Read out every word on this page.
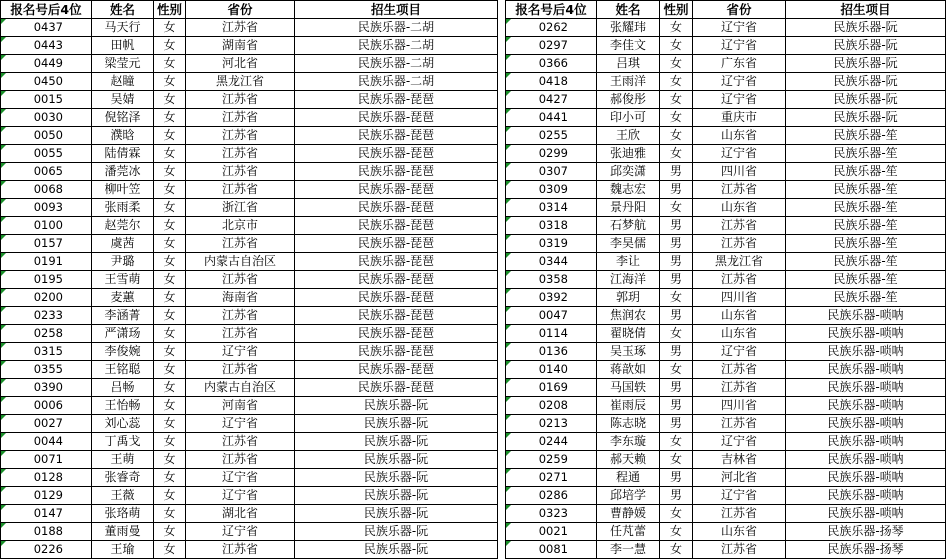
报名号后4位	姓名	性别	省份	招生项目
0437	马天行	女	江苏省	民族乐器-二胡
0443	田帆	女	湖南省	民族乐器-二胡
0449	梁莹元	女	河北省	民族乐器-二胡
0450	赵瞳	女	黑龙江省	民族乐器-二胡
0015	吴婧	女	江苏省	民族乐器-琵琶
0030	倪铭泽	女	江苏省	民族乐器-琵琶
0050	濮晗	女	江苏省	民族乐器-琵琶
0055	陆倩霖	女	江苏省	民族乐器-琵琶
0065	潘莞冰	女	江苏省	民族乐器-琵琶
0068	柳叶笠	女	江苏省	民族乐器-琵琶
0093	张雨柔	女	浙江省	民族乐器-琵琶
0100	赵莞尔	女	北京市	民族乐器-琵琶
0157	虞茜	女	江苏省	民族乐器-琵琶
0191	尹璐	女	内蒙古自治区	民族乐器-琵琶
0195	王雪萌	女	江苏省	民族乐器-琵琶
0200	麦蕙	女	海南省	民族乐器-琵琶
0233	李涵菁	女	江苏省	民族乐器-琵琶
0258	严潇玚	女	江苏省	民族乐器-琵琶
0315	李俊婉	女	辽宁省	民族乐器-琵琶
0355	王铭聪	女	江苏省	民族乐器-琵琶
0390	吕畅	女	内蒙古自治区	民族乐器-琵琶
0006	王怡畅	女	河南省	民族乐器-阮
0027	刘心蕊	女	辽宁省	民族乐器-阮
0044	丁禹戈	女	江苏省	民族乐器-阮
0071	王萌	女	江苏省	民族乐器-阮
0128	张睿奇	女	辽宁省	民族乐器-阮
0129	王薇	女	辽宁省	民族乐器-阮
0147	张珞萌	女	湖北省	民族乐器-阮
0188	董雨曼	女	辽宁省	民族乐器-阮
0226	王瑜	女	江苏省	民族乐器-阮
报名号后4位	姓名	性别	省份	招生项目
0262	张耀玮	女	辽宁省	民族乐器-阮
0297	李佳文	女	辽宁省	民族乐器-阮
0366	吕琪	女	广东省	民族乐器-阮
0418	王雨洋	女	辽宁省	民族乐器-阮
0427	郝俊彤	女	辽宁省	民族乐器-阮
0441	印小可	女	重庆市	民族乐器-阮
0255	王欣	女	山东省	民族乐器-笙
0299	张迪雅	女	辽宁省	民族乐器-笙
0307	邱奕潇	男	四川省	民族乐器-笙
0309	魏志宏	男	江苏省	民族乐器-笙
0314	景丹阳	女	山东省	民族乐器-笙
0318	石梦航	男	江苏省	民族乐器-笙
0319	李昊儒	男	江苏省	民族乐器-笙
0344	李让	男	黑龙江省	民族乐器-笙
0358	江海洋	男	江苏省	民族乐器-笙
0392	郭玥	女	四川省	民族乐器-笙
0047	焦润农	男	山东省	民族乐器-唢呐
0114	翟晓倩	女	山东省	民族乐器-唢呐
0136	吴玉琢	男	辽宁省	民族乐器-唢呐
0140	蒋歆如	女	江苏省	民族乐器-唢呐
0169	马国轶	男	江苏省	民族乐器-唢呐
0208	崔雨辰	男	四川省	民族乐器-唢呐
0213	陈志晓	男	江苏省	民族乐器-唢呐
0244	李东璇	女	辽宁省	民族乐器-唢呐
0259	郝天赖	女	吉林省	民族乐器-唢呐
0271	程通	男	河北省	民族乐器-唢呐
0286	邱培学	男	辽宁省	民族乐器-唢呐
0323	曹静媛	女	江苏省	民族乐器-唢呐
0021	任芃蕾	女	山东省	民族乐器-扬琴
0081	李一慧	女	江苏省	民族乐器-扬琴
